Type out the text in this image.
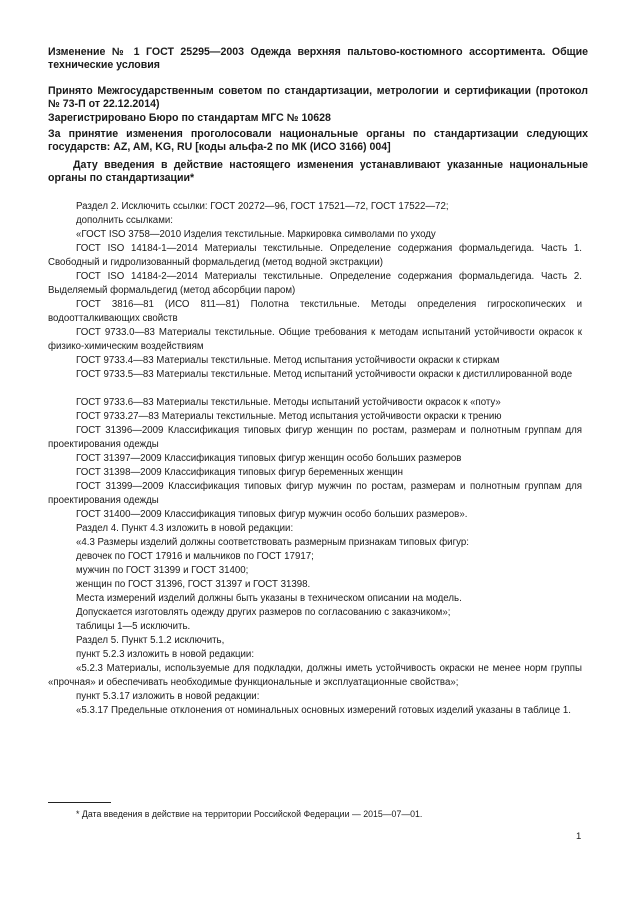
Изменение № 1 ГОСТ 25295—2003 Одежда верхняя пальтово-костюмного ассортимента. Общие технические условия
Принято Межгосударственным советом по стандартизации, метрологии и сертификации (протокол № 73-П от 22.12.2014)
Зарегистрировано Бюро по стандартам МГС № 10628
За принятие изменения проголосовали национальные органы по стандартизации следующих государств: AZ, AM, KG, RU [коды альфа-2 по МК (ИСО 3166) 004]
Дату введения в действие настоящего изменения устанавливают указанные национальные органы по стандартизации*
Раздел 2. Исключить ссылки: ГОСТ 20272—96, ГОСТ 17521—72, ГОСТ 17522—72;
дополнить ссылками:
«ГОСТ ISO 3758—2010 Изделия текстильные. Маркировка символами по уходу
ГОСТ ISO 14184-1—2014 Материалы текстильные. Определение содержания формальдегида. Часть 1. Свободный и гидролизованный формальдегид (метод водной экстракции)
ГОСТ ISO 14184-2—2014 Материалы текстильные. Определение содержания формальдегида. Часть 2. Выделяемый формальдегид (метод абсорбции паром)
ГОСТ 3816—81 (ИСО 811—81) Полотна текстильные. Методы определения гигроскопических и водоотталкивающих свойств
ГОСТ 9733.0—83 Материалы текстильные. Общие требования к методам испытаний устойчивости окрасок к физико-химическим воздействиям
ГОСТ 9733.4—83 Материалы текстильные. Метод испытания устойчивости окраски к стиркам
ГОСТ 9733.5—83 Материалы текстильные. Метод испытаний устойчивости окраски к дистиллированной воде
ГОСТ 9733.6—83 Материалы текстильные. Методы испытаний устойчивости окрасок к «поту»
ГОСТ 9733.27—83 Материалы текстильные. Метод испытания устойчивости окраски к трению
ГОСТ 31396—2009 Классификация типовых фигур женщин по ростам, размерам и полнотным группам для проектирования одежды
ГОСТ 31397—2009 Классификация типовых фигур женщин особо больших размеров
ГОСТ 31398—2009 Классификация типовых фигур беременных женщин
ГОСТ 31399—2009 Классификация типовых фигур мужчин по ростам, размерам и полнотным группам для проектирования одежды
ГОСТ 31400—2009 Классификация типовых фигур мужчин особо больших размеров».
Раздел 4. Пункт 4.3 изложить в новой редакции:
«4.3 Размеры изделий должны соответствовать размерным признакам типовых фигур:
девочек по ГОСТ 17916 и мальчиков по ГОСТ 17917;
мужчин по ГОСТ 31399 и ГОСТ 31400;
женщин по ГОСТ 31396, ГОСТ 31397 и ГОСТ 31398.
Места измерений изделий должны быть указаны в техническом описании на модель.
Допускается изготовлять одежду других размеров по согласованию с заказчиком»;
таблицы 1—5 исключить.
Раздел 5. Пункт 5.1.2 исключить,
пункт 5.2.3 изложить в новой редакции:
«5.2.3 Материалы, используемые для подкладки, должны иметь устойчивость окраски не менее норм группы «прочная» и обеспечивать необходимые функциональные и эксплуатационные свойства»;
пункт 5.3.17 изложить в новой редакции:
«5.3.17 Предельные отклонения от номинальных основных измерений готовых изделий указаны в таблице 1.
* Дата введения в действие на территории Российской Федерации — 2015—07—01.
1
